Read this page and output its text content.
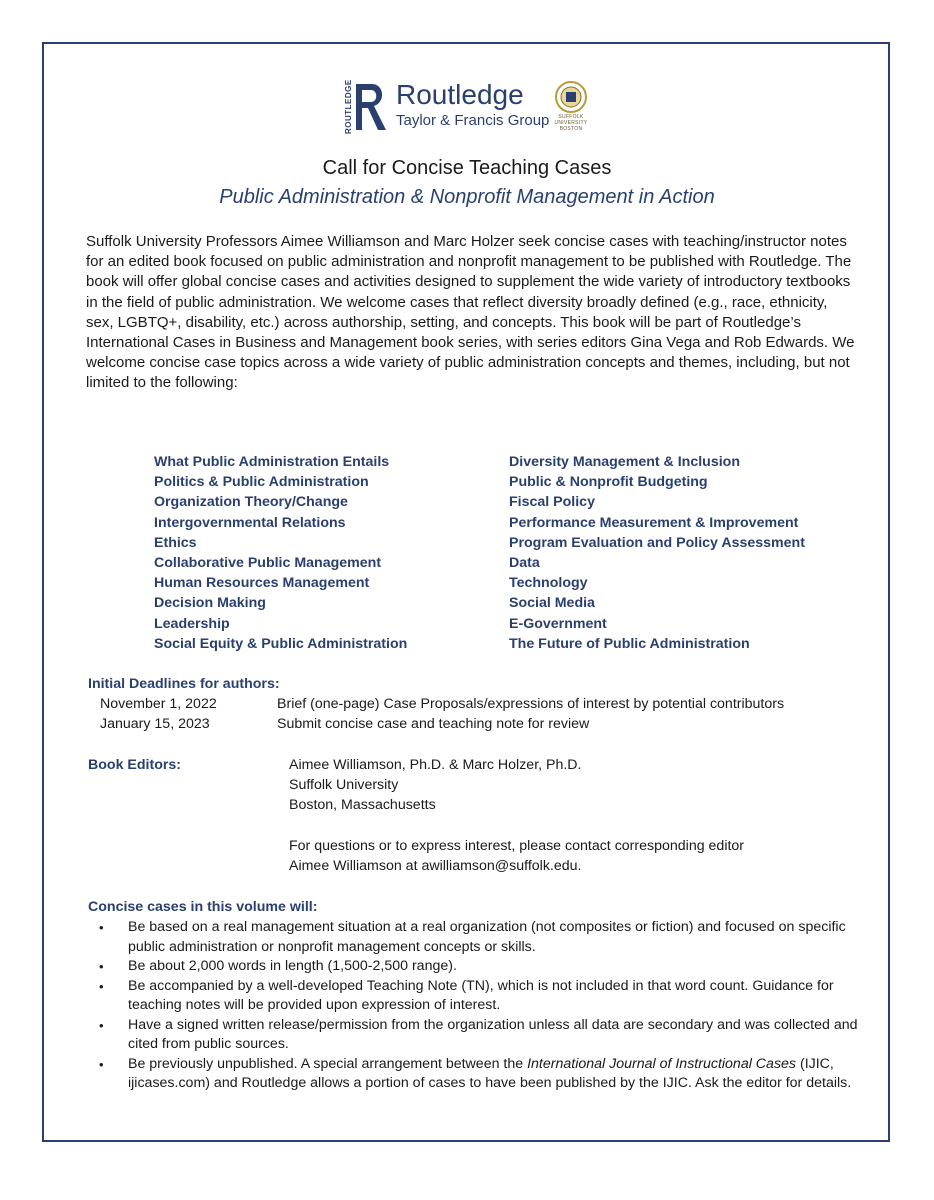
ROUTLEDGE Routledge
Taylor & Francis Group	SUFFOLK UNIVERSITY BOSTON
Call for Concise Teaching Cases
Public Administration & Nonprofit Management in Action

Suffolk University Professors Aimee Williamson and Marc Holzer seek concise cases with teaching/instructor notes for an edited book focused on public administration and nonprofit management to be published with Routledge. The book will offer global concise cases and activities designed to supplement the wide variety of introductory textbooks in the field of public administration. We welcome cases that reflect diversity broadly defined (e.g., race, ethnicity, sex, LGBTQ+, disability, etc.) across authorship, setting, and concepts. This book will be part of Routledge’s International Cases in Business and Management book series, with series editors Gina Vega and Rob Edwards. We welcome concise case topics across a wide variety of public administration concepts and themes, including, but not limited to the following:

What Public Administration Entails
Politics & Public Administration
Organization Theory/Change
Intergovernmental Relations
Ethics
Collaborative Public Management
Human Resources Management
Decision Making
Leadership
Social Equity & Public Administration
Diversity Management & Inclusion
Public & Nonprofit Budgeting
Fiscal Policy
Performance Measurement & Improvement
Program Evaluation and Policy Assessment
Data
Technology
Social Media
E-Government
The Future of Public Administration
Initial Deadlines for authors:
November 1, 2022	Brief (one-page) Case Proposals/expressions of interest by potential contributors
January 15, 2023	Submit concise case and teaching note for review
Book Editors:	Aimee Williamson, Ph.D. & Marc Holzer, Ph.D.
Suffolk University
Boston, Massachusetts
For questions or to express interest, please contact corresponding editor
Aimee Williamson at awilliamson@suffolk.edu.
Concise cases in this volume will:
• Be based on a real management situation at a real organization (not composites or fiction) and focused on specific public administration or nonprofit management concepts or skills.
• Be about 2,000 words in length (1,500-2,500 range).
• Be accompanied by a well-developed Teaching Note (TN), which is not included in that word count. Guidance for teaching notes will be provided upon expression of interest.
• Have a signed written release/permission from the organization unless all data are secondary and was collected and cited from public sources.
• Be previously unpublished. A special arrangement between the International Journal of Instructional Cases (IJIC, ijicases.com) and Routledge allows a portion of cases to have been published by the IJIC. Ask the editor for details.
